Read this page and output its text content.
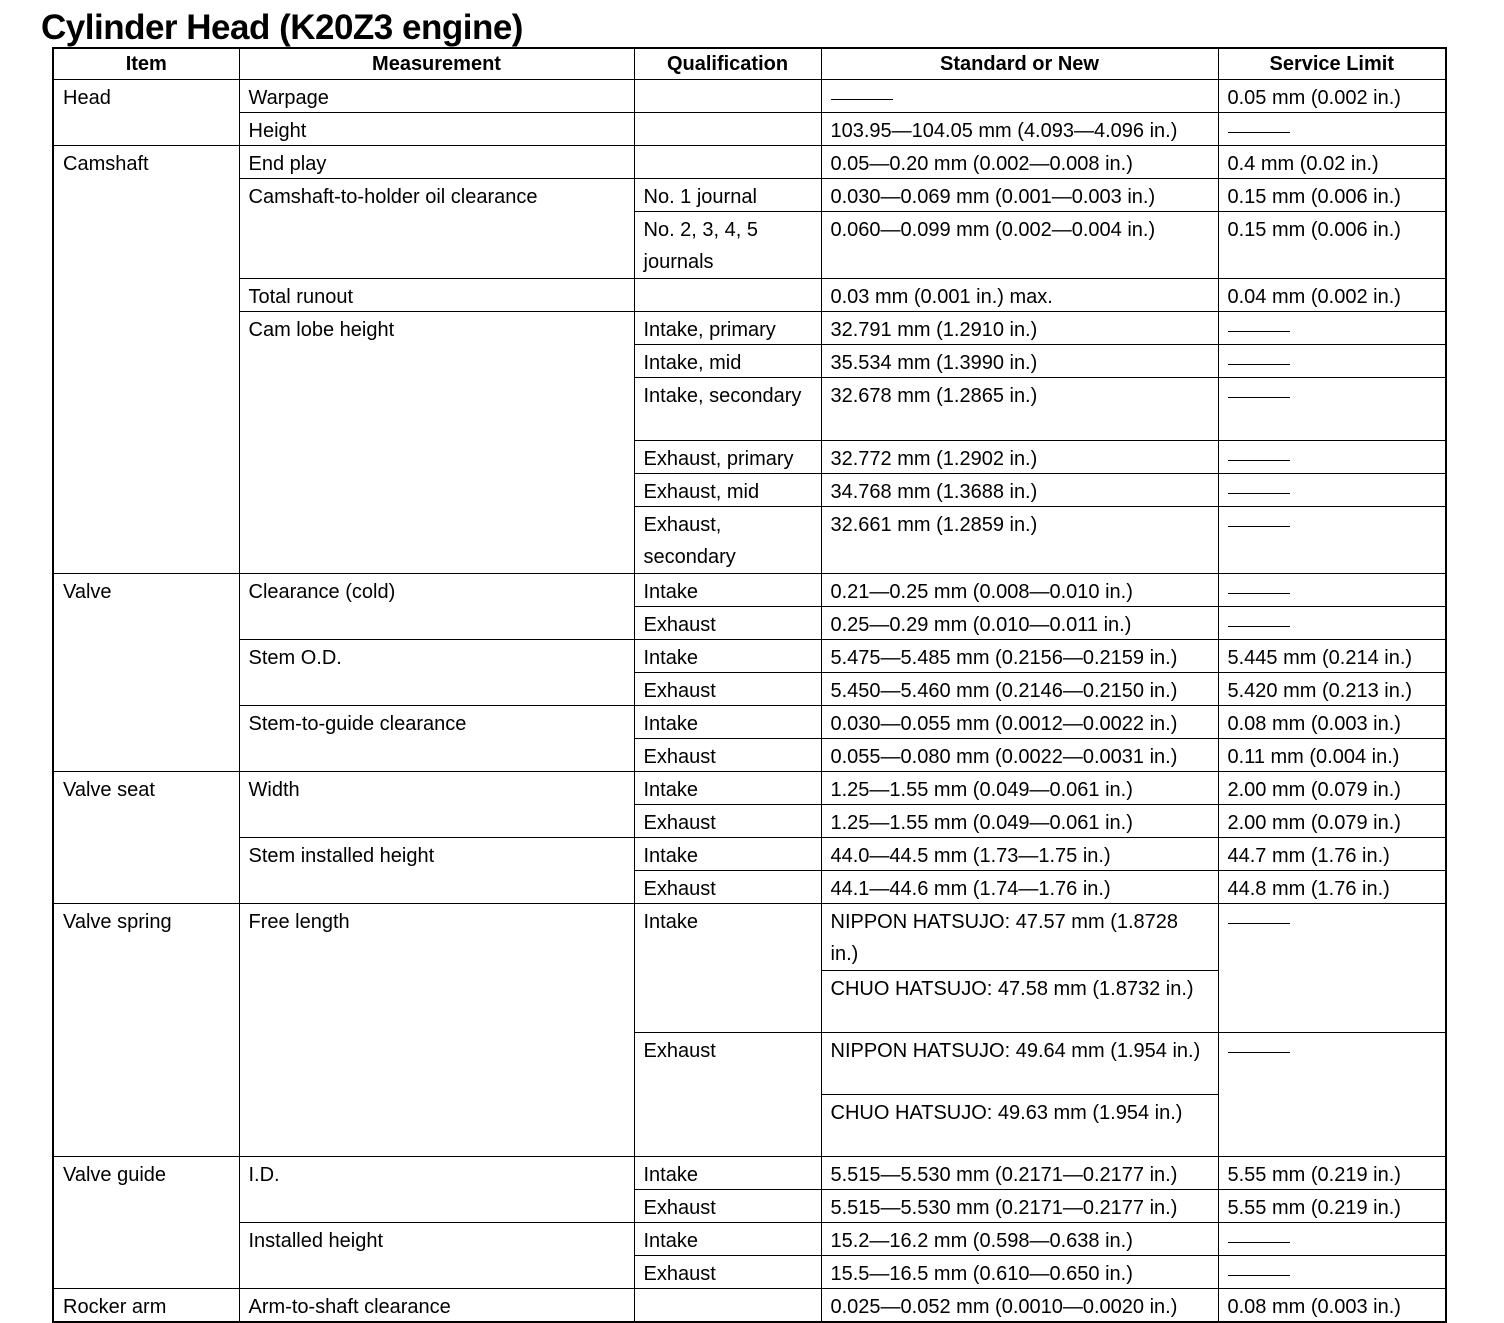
Cylinder Head (K20Z3 engine)
Item	Measurement	Qualification	Standard or New	Service Limit
Head	Warpage			0.05 mm (0.002 in.)
	Height		103.95—104.05 mm (4.093—4.096 in.)	
Camshaft	End play		0.05—0.20 mm (0.002—0.008 in.)	0.4 mm (0.02 in.)
	Camshaft-to-holder oil clearance	No. 1 journal	0.030—0.069 mm (0.001—0.003 in.)	0.15 mm (0.006 in.)
		No. 2, 3, 4, 5 journals	0.060—0.099 mm (0.002—0.004 in.)	0.15 mm (0.006 in.)
	Total runout		0.03 mm (0.001 in.) max.	0.04 mm (0.002 in.)
	Cam lobe height	Intake, primary	32.791 mm (1.2910 in.)	
		Intake, mid	35.534 mm (1.3990 in.)	
		Intake, secondary	32.678 mm (1.2865 in.)	
		Exhaust, primary	32.772 mm (1.2902 in.)	
		Exhaust, mid	34.768 mm (1.3688 in.)	
		Exhaust, secondary	32.661 mm (1.2859 in.)	
Valve	Clearance (cold)	Intake	0.21—0.25 mm (0.008—0.010 in.)	
		Exhaust	0.25—0.29 mm (0.010—0.011 in.)	
	Stem O.D.	Intake	5.475—5.485 mm (0.2156—0.2159 in.)	5.445 mm (0.214 in.)
		Exhaust	5.450—5.460 mm (0.2146—0.2150 in.)	5.420 mm (0.213 in.)
	Stem-to-guide clearance	Intake	0.030—0.055 mm (0.0012—0.0022 in.)	0.08 mm (0.003 in.)
		Exhaust	0.055—0.080 mm (0.0022—0.0031 in.)	0.11 mm (0.004 in.)
Valve seat	Width	Intake	1.25—1.55 mm (0.049—0.061 in.)	2.00 mm (0.079 in.)
		Exhaust	1.25—1.55 mm (0.049—0.061 in.)	2.00 mm (0.079 in.)
	Stem installed height	Intake	44.0—44.5 mm (1.73—1.75 in.)	44.7 mm (1.76 in.)
		Exhaust	44.1—44.6 mm (1.74—1.76 in.)	44.8 mm (1.76 in.)
Valve spring	Free length	Intake	NIPPON HATSUJO: 47.57 mm (1.8728 in.)	
			CHUO HATSUJO: 47.58 mm (1.8732 in.)	
		Exhaust	NIPPON HATSUJO: 49.64 mm (1.954 in.)	
			CHUO HATSUJO: 49.63 mm (1.954 in.)	
Valve guide	I.D.	Intake	5.515—5.530 mm (0.2171—0.2177 in.)	5.55 mm (0.219 in.)
		Exhaust	5.515—5.530 mm (0.2171—0.2177 in.)	5.55 mm (0.219 in.)
	Installed height	Intake	15.2—16.2 mm (0.598—0.638 in.)	
		Exhaust	15.5—16.5 mm (0.610—0.650 in.)	
Rocker arm	Arm-to-shaft clearance		0.025—0.052 mm (0.0010—0.0020 in.)	0.08 mm (0.003 in.)
